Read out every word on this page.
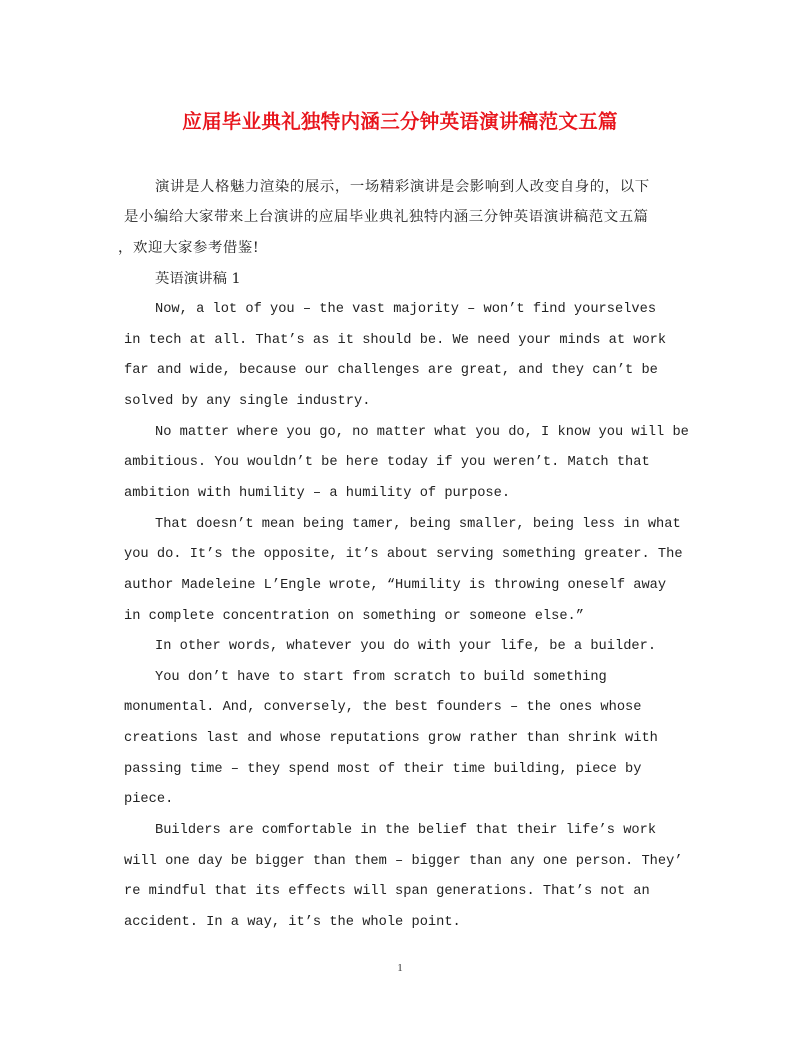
应届毕业典礼独特内涵三分钟英语演讲稿范文五篇
演讲是人格魅力渲染的展示，一场精彩演讲是会影响到人改变自身的，以下
是小编给大家带来上台演讲的应届毕业典礼独特内涵三分钟英语演讲稿范文五篇
，欢迎大家参考借鉴!
英语演讲稿 1
Now, a lot of you – the vast majority – won’t find yourselves
in tech at all. That’s as it should be. We need your minds at work
far and wide, because our challenges are great, and they can’t be
solved by any single industry.
No matter where you go, no matter what you do, I know you will be
ambitious. You wouldn’t be here today if you weren’t. Match that
ambition with humility – a humility of purpose.
That doesn’t mean being tamer, being smaller, being less in what
you do. It’s the opposite, it’s about serving something greater. The
author Madeleine L’Engle wrote, “Humility is throwing oneself away
in complete concentration on something or someone else.”
In other words, whatever you do with your life, be a builder.
You don’t have to start from scratch to build something
monumental. And, conversely, the best founders – the ones whose
creations last and whose reputations grow rather than shrink with
passing time – they spend most of their time building, piece by
piece.
Builders are comfortable in the belief that their life’s work
will one day be bigger than them – bigger than any one person. They’
re mindful that its effects will span generations. That’s not an
accident. In a way, it’s the whole point.
1
